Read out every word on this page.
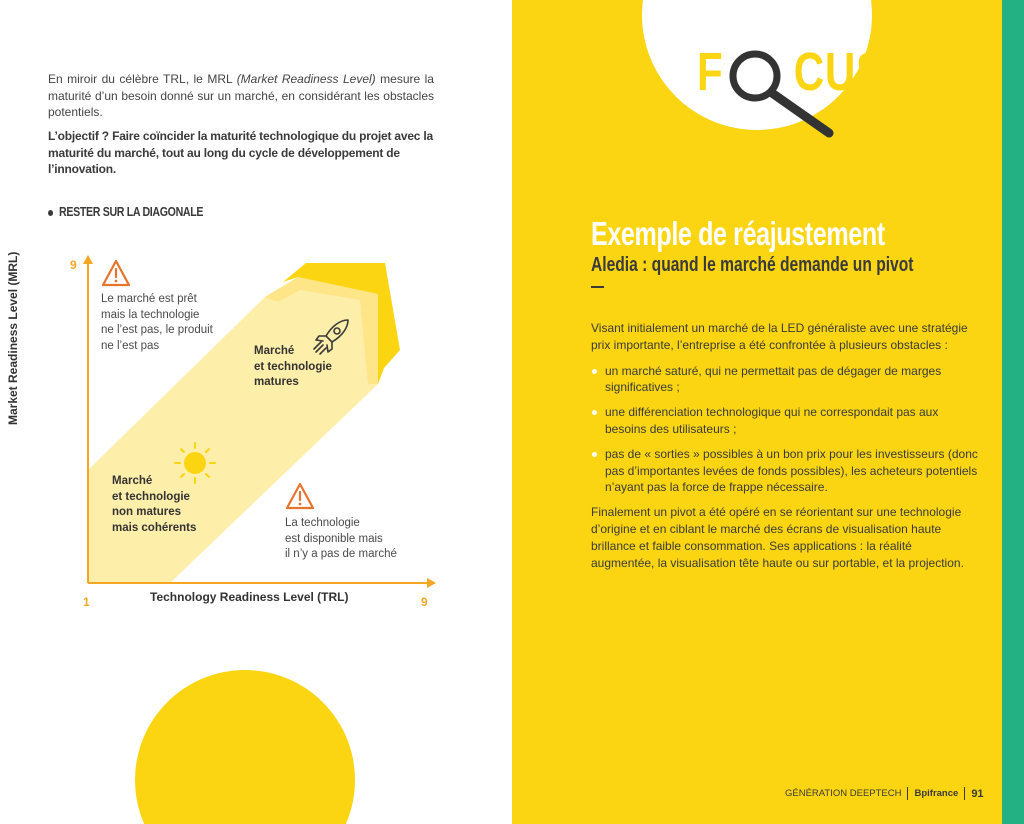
En miroir du célèbre TRL, le MRL (Market Readiness Level) mesure la maturité d’un besoin donné sur un marché, en considérant les obstacles potentiels.
L’objectif ? Faire coïncider la maturité technologique du projet avec la maturité du marché, tout au long du cycle de développement de l’innovation.
RESTER SUR LA DIAGONALE
9
1	9
Market Readiness Level (MRL)
Technology Readiness Level (TRL)
Le marché est prêt
mais la technologie
ne l’est pas, le produit
ne l’est pas	Marché
et technologie
matures
Marché
et technologie
non matures
mais cohérents	La technologie
est disponible mais
il n’y a pas de marché
F CUS
Exemple de réajustement
Aledia : quand le marché demande un pivot

Visant initialement un marché de la LED généraliste avec une stratégie prix importante, l’entreprise a été confrontée à plusieurs obstacles :

un marché saturé, qui ne permettait pas de dégager de marges significatives ;
une différenciation technologique qui ne correspondait pas aux besoins des utilisateurs ;
pas de « sorties » possibles à un bon prix pour les investisseurs (donc pas d’importantes levées de fonds possibles), les acheteurs potentiels n’ayant pas la force de frappe nécessaire.

Finalement un pivot a été opéré en se réorientant sur une technologie d’origine et en ciblant le marché des écrans de visualisation haute brillance et faible consommation. Ses applications : la réalité augmentée, la visualisation tête haute ou sur portable, et la projection.

GÉNÉRATION DEEPTECH Bpifrance 91
